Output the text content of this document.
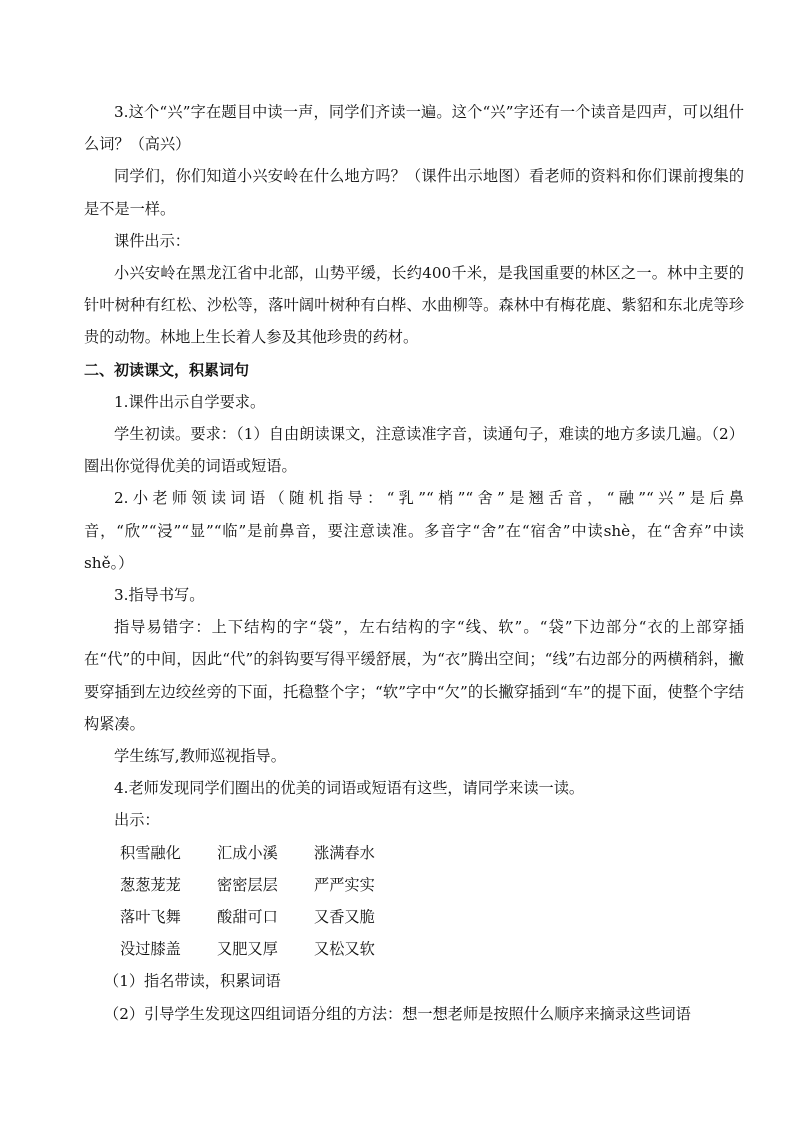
3.这个“兴”字在题目中读一声，同学们齐读一遍。这个“兴”字还有一个读音是四声，可以组什么词？（高兴）

同学们，你们知道小兴安岭在什么地方吗？（课件出示地图）看老师的资料和你们课前搜集的是不是一样。

课件出示：

小兴安岭在黑龙江省中北部，山势平缓，长约400千米，是我国重要的林区之一。林中主要的针叶树种有红松、沙松等，落叶阔叶树种有白桦、水曲柳等。森林中有梅花鹿、紫貂和东北虎等珍贵的动物。林地上生长着人参及其他珍贵的药材。

二、初读课文，积累词句

1.课件出示自学要求。

学生初读。要求：（1）自由朗读课文，注意读准字音，读通句子，难读的地方多读几遍。（2）圈出你觉得优美的词语或短语。

2.小老师领读词语（随机指导：“乳”“梢”“舍”是翘舌音，“融”“兴”是后鼻音，“欣”“浸”“显”“临”是前鼻音，要注意读准。多音字“舍”在“宿舍”中读shè，在“舍弃”中读shě。）

3.指导书写。

指导易错字：上下结构的字“袋”，左右结构的字“线、软”。“袋”下边部分“衣的上部穿插在“代”的中间，因此“代”的斜钩要写得平缓舒展，为“衣”腾出空间；“线”右边部分的两横稍斜，撇要穿插到左边绞丝旁的下面，托稳整个字；“软”字中“欠”的长撇穿插到“车”的提下面，使整个字结构紧凑。

学生练写,教师巡视指导。

4.老师发现同学们圈出的优美的词语或短语有这些，请同学来读一读。

出示：

积雪融化	汇成小溪	涨满春水
葱葱茏茏	密密层层	严严实实
落叶飞舞	酸甜可口	又香又脆
没过膝盖	又肥又厚	又松又软

（1）指名带读，积累词语

（2）引导学生发现这四组词语分组的方法：想一想老师是按照什么顺序来摘录这些词语
